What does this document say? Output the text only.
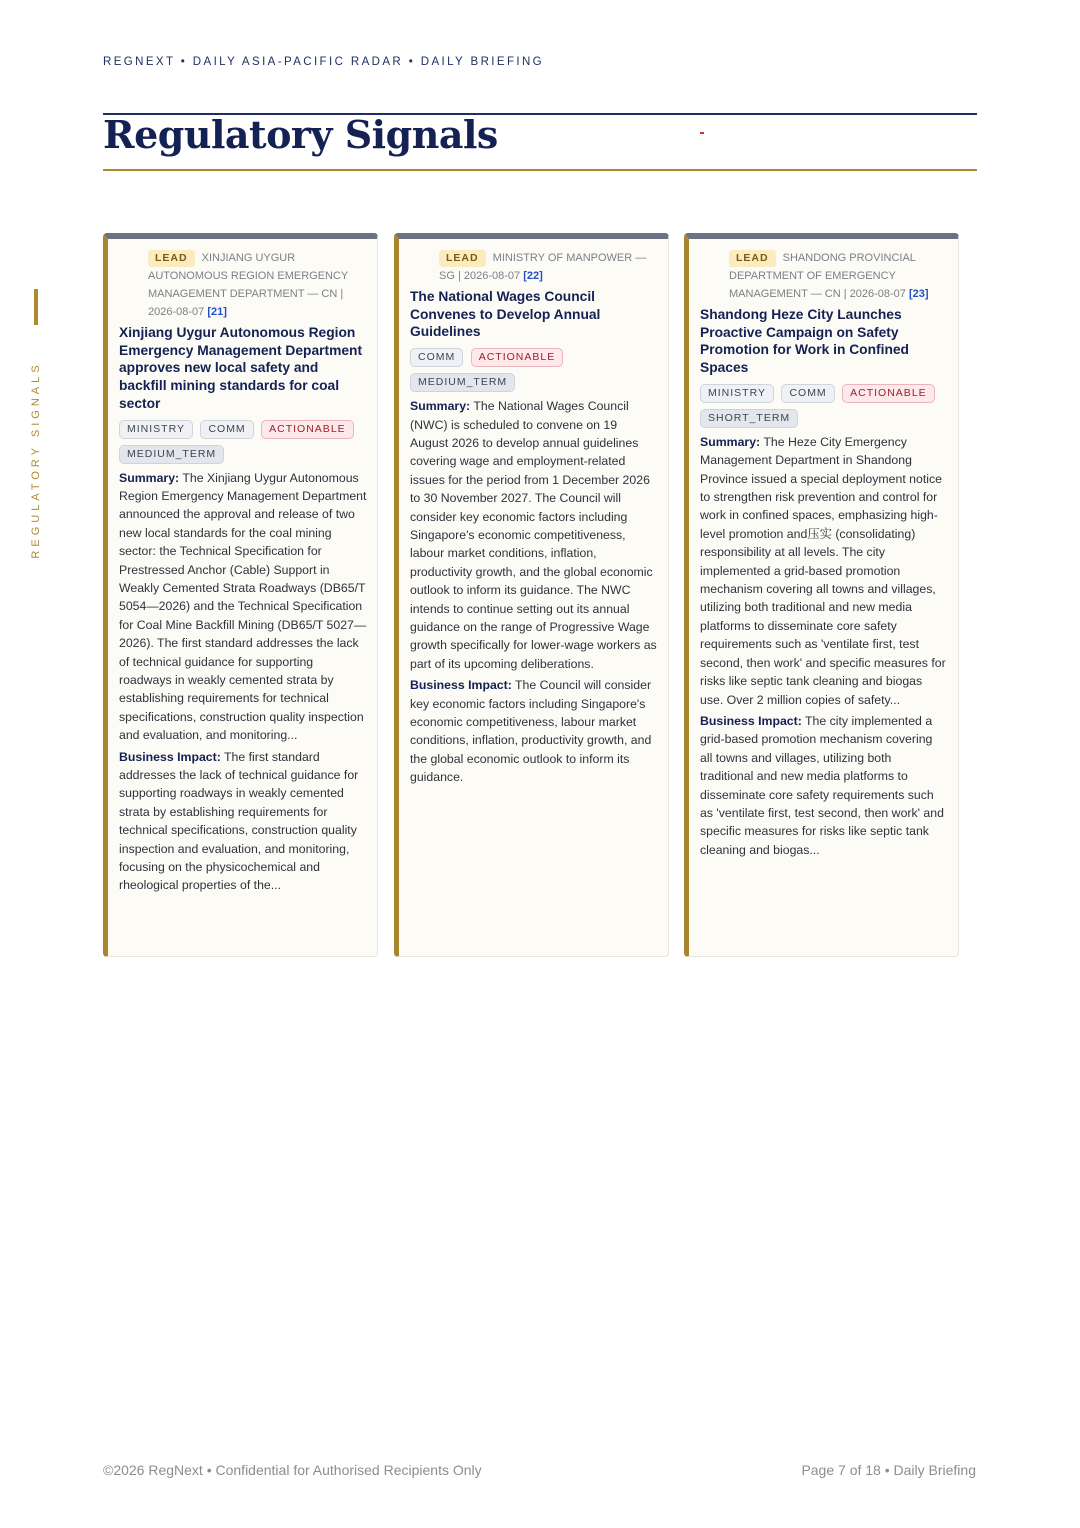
REGNEXT • DAILY ASIA-PACIFIC RADAR • DAILY BRIEFING
Regulatory Signals
REGULATORY SIGNALS
LEAD XINJIANG UYGUR AUTONOMOUS REGION EMERGENCY MANAGEMENT DEPARTMENT — CN | 2026-08-07 [21]
Xinjiang Uygur Autonomous Region Emergency Management Department approves new local safety and backfill mining standards for coal sector
MINISTRY COMM ACTIONABLE MEDIUM_TERM

Summary: The Xinjiang Uygur Autonomous Region Emergency Management Department announced the approval and release of two new local standards for the coal mining sector: the Technical Specification for Prestressed Anchor (Cable) Support in Weakly Cemented Strata Roadways (DB65/T 5054—2026) and the Technical Specification for Coal Mine Backfill Mining (DB65/T 5027—2026). The first standard addresses the lack of technical guidance for supporting roadways in weakly cemented strata by establishing requirements for technical specifications, construction quality inspection and evaluation, and monitoring...

Business Impact: The first standard addresses the lack of technical guidance for supporting roadways in weakly cemented strata by establishing requirements for technical specifications, construction quality inspection and evaluation, and monitoring, focusing on the physicochemical and rheological properties of the...

LEAD MINISTRY OF MANPOWER — SG | 2026-08-07 [22]
The National Wages Council Convenes to Develop Annual Guidelines
COMM ACTIONABLE MEDIUM_TERM

Summary: The National Wages Council (NWC) is scheduled to convene on 19 August 2026 to develop annual guidelines covering wage and employment-related issues for the period from 1 December 2026 to 30 November 2027. The Council will consider key economic factors including Singapore's economic competitiveness, labour market conditions, inflation, productivity growth, and the global economic outlook to inform its guidance. The NWC intends to continue setting out its annual guidance on the range of Progressive Wage growth specifically for lower-wage workers as part of its upcoming deliberations.

Business Impact: The Council will consider key economic factors including Singapore's economic competitiveness, labour market conditions, inflation, productivity growth, and the global economic outlook to inform its guidance.

LEAD SHANDONG PROVINCIAL DEPARTMENT OF EMERGENCY MANAGEMENT — CN | 2026-08-07 [23]
Shandong Heze City Launches Proactive Campaign on Safety Promotion for Work in Confined Spaces
MINISTRY COMM ACTIONABLE SHORT_TERM

Summary: The Heze City Emergency Management Department in Shandong Province issued a special deployment notice to strengthen risk prevention and control for work in confined spaces, emphasizing high-level promotion and压实 (consolidating) responsibility at all levels. The city implemented a grid-based promotion mechanism covering all towns and villages, utilizing both traditional and new media platforms to disseminate core safety requirements such as 'ventilate first, test second, then work' and specific measures for risks like septic tank cleaning and biogas use. Over 2 million copies of safety...

Business Impact: The city implemented a grid-based promotion mechanism covering all towns and villages, utilizing both traditional and new media platforms to disseminate core safety requirements such as 'ventilate first, test second, then work' and specific measures for risks like septic tank cleaning and biogas...

©2026 RegNext • Confidential for Authorised Recipients Only	Page 7 of 18 • Daily Briefing
